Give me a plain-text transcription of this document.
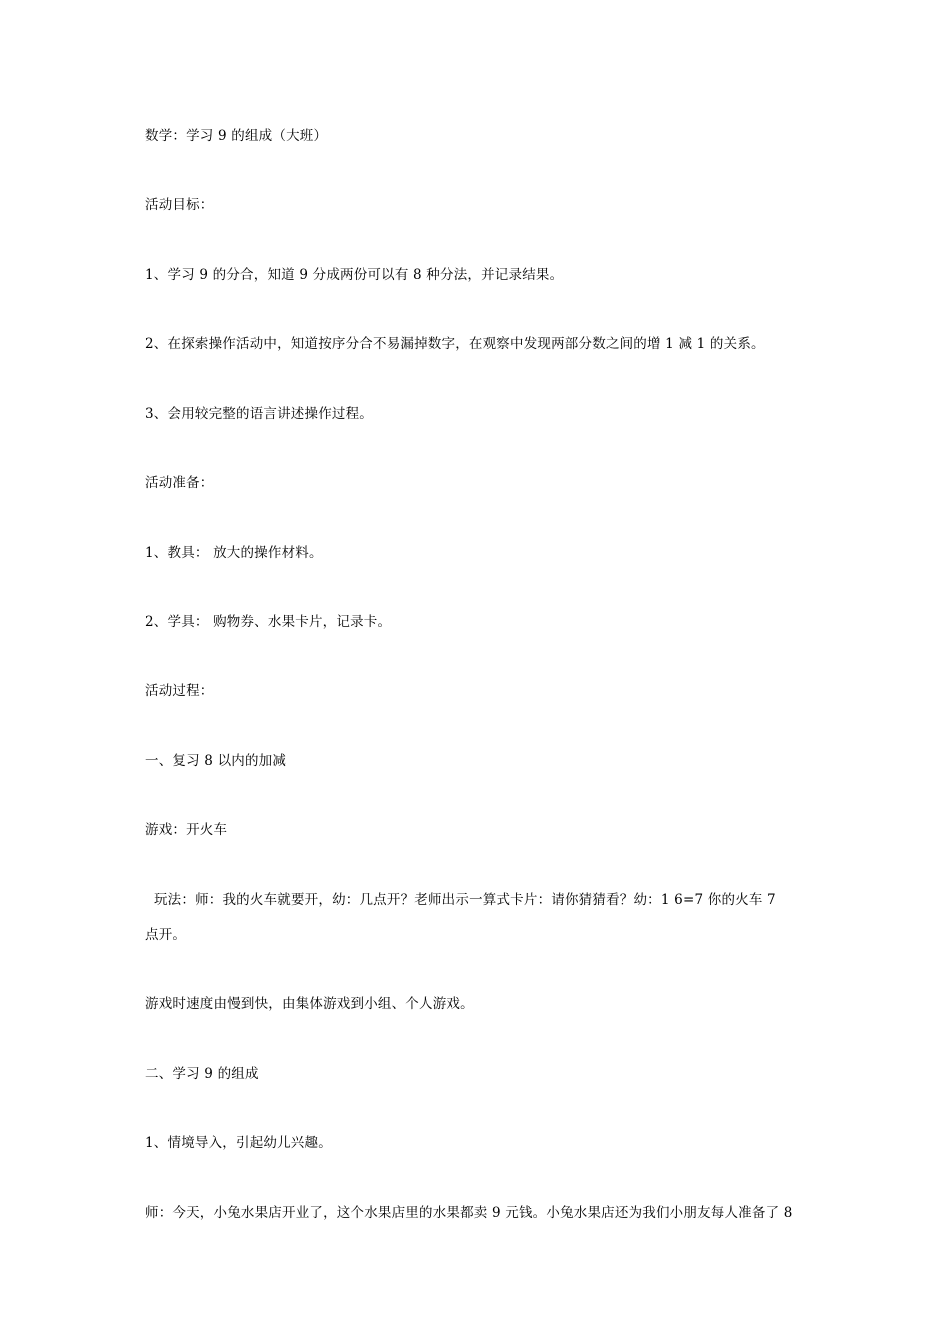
数学：学习 9 的组成（大班）
活动目标：
1、学习 9 的分合，知道 9 分成两份可以有 8 种分法，并记录结果。
2、在探索操作活动中，知道按序分合不易漏掉数字，在观察中发现两部分数之间的增 1 减 1 的关系。
3、会用较完整的语言讲述操作过程。
活动准备：
1、教具： 放大的操作材料。
2、学具： 购物券、水果卡片，记录卡。
活动过程：
一、复习 8 以内的加减
游戏：开火车
玩法：师：我的火车就要开，幼：几点开？老师出示一算式卡片：请你猜猜看？幼：1 6=7 你的火车 7
点开。
游戏时速度由慢到快，由集体游戏到小组、个人游戏。
二、学习 9 的组成
1、情境导入，引起幼儿兴趣。
师：今天，小兔水果店开业了，这个水果店里的水果都卖 9 元钱。小兔水果店还为我们小朋友每人准备了 8
